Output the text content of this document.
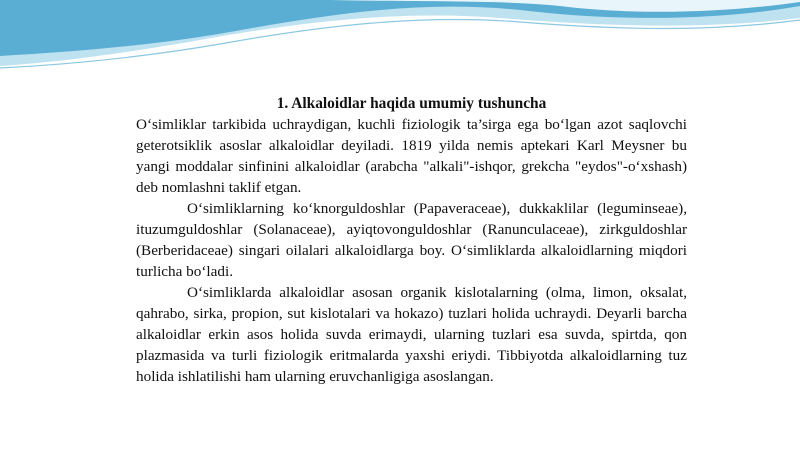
1. Alkaloidlar haqida umumiy tushuncha

O‘simliklar tarkibida uchraydigan, kuchli fiziologik ta’sirga ega bo‘lgan azot saqlovchi geterotsiklik asoslar alkaloidlar deyiladi. 1819 yilda nemis aptekari Karl Meysner bu yangi moddalar sinfinini alkaloidlar (arabcha "alkali"-ishqor, grekcha "eydos"-o‘xshash) deb nomlashni taklif etgan.

O‘simliklarning ko‘knorguldoshlar (Papaveraceae), dukkaklilar (leguminseae), ituzumguldoshlar (Solanaceae), ayiqtovonguldoshlar (Ranunculaceae), zirkguldoshlar (Berberidaceae) singari oilalari alkaloidlarga boy. O‘simliklarda alkaloidlarning miqdori turlicha bo‘ladi.

O‘simliklarda alkaloidlar asosan organik kislotalarning (olma, limon, oksalat, qahrabo, sirka, propion, sut kislotalari va hokazo) tuzlari holida uchraydi. Deyarli barcha alkaloidlar erkin asos holida suvda erimaydi, ularning tuzlari esa suvda, spirtda, qon plazmasida va turli fiziologik eritmalarda yaxshi eriydi. Tibbiyotda alkaloidlarning tuz holida ishlatilishi ham ularning eruvchanligiga asoslangan.
